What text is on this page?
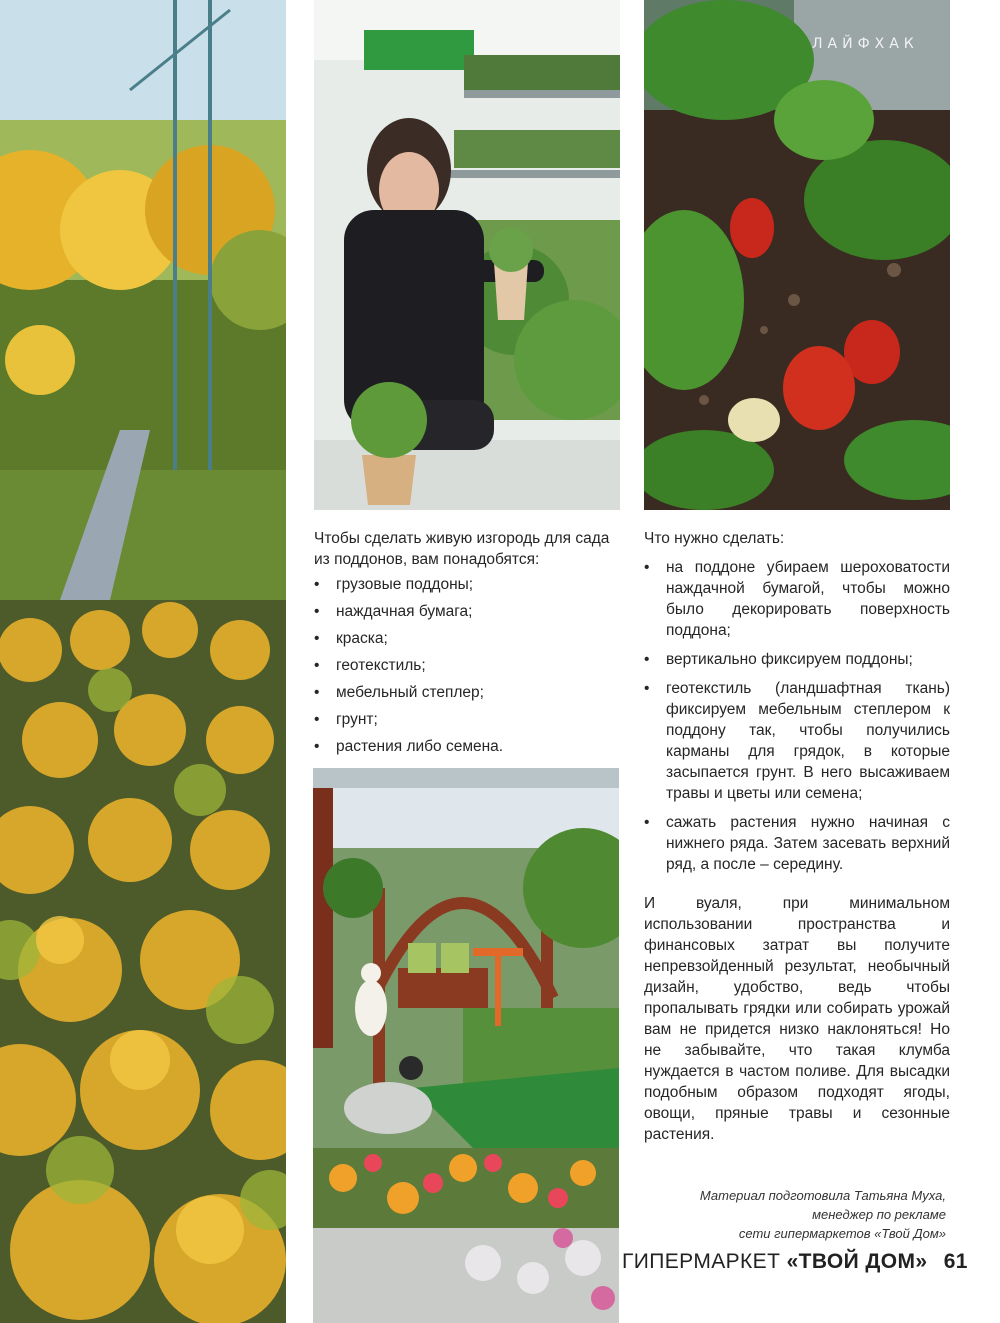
ЛАЙФХАК

Чтобы сделать живую изгородь для сада из поддонов, вам понадобятся:

• грузовые поддоны;
• наждачная бумага;
• краска;
• геотекстиль;
• мебельный степлер;
• грунт;
• растения либо семена.

Что нужно сделать:

• на поддоне убираем шероховатости наждачной бумагой, чтобы можно было декорировать поверхность поддона;
• вертикально фиксируем поддоны;
• геотекстиль (ландшафтная ткань) фиксируем мебельным степлером к поддону так, чтобы получились карманы для грядок, в которые засыпается грунт. В него высаживаем травы и цветы или семена;
• сажать растения нужно начиная с нижнего ряда. Затем засевать верхний ряд, а после – середину.

И вуаля, при минимальном использовании пространства и финансовых затрат вы получите непревзойденный результат, необычный дизайн, удобство, ведь чтобы пропалывать грядки или собирать урожай вам не придется низко наклоняться! Но не забывайте, что такая клумба нуждается в частом поливе. Для высадки подобным образом подходят ягоды, овощи, пряные травы и сезонные растения.

Материал подготовила Татьяна Муха,
менеджер по рекламе
сети гипермаркетов «Твой Дом»
ГИПЕРМАРКЕТ «ТВОЙ ДОМ» 61
